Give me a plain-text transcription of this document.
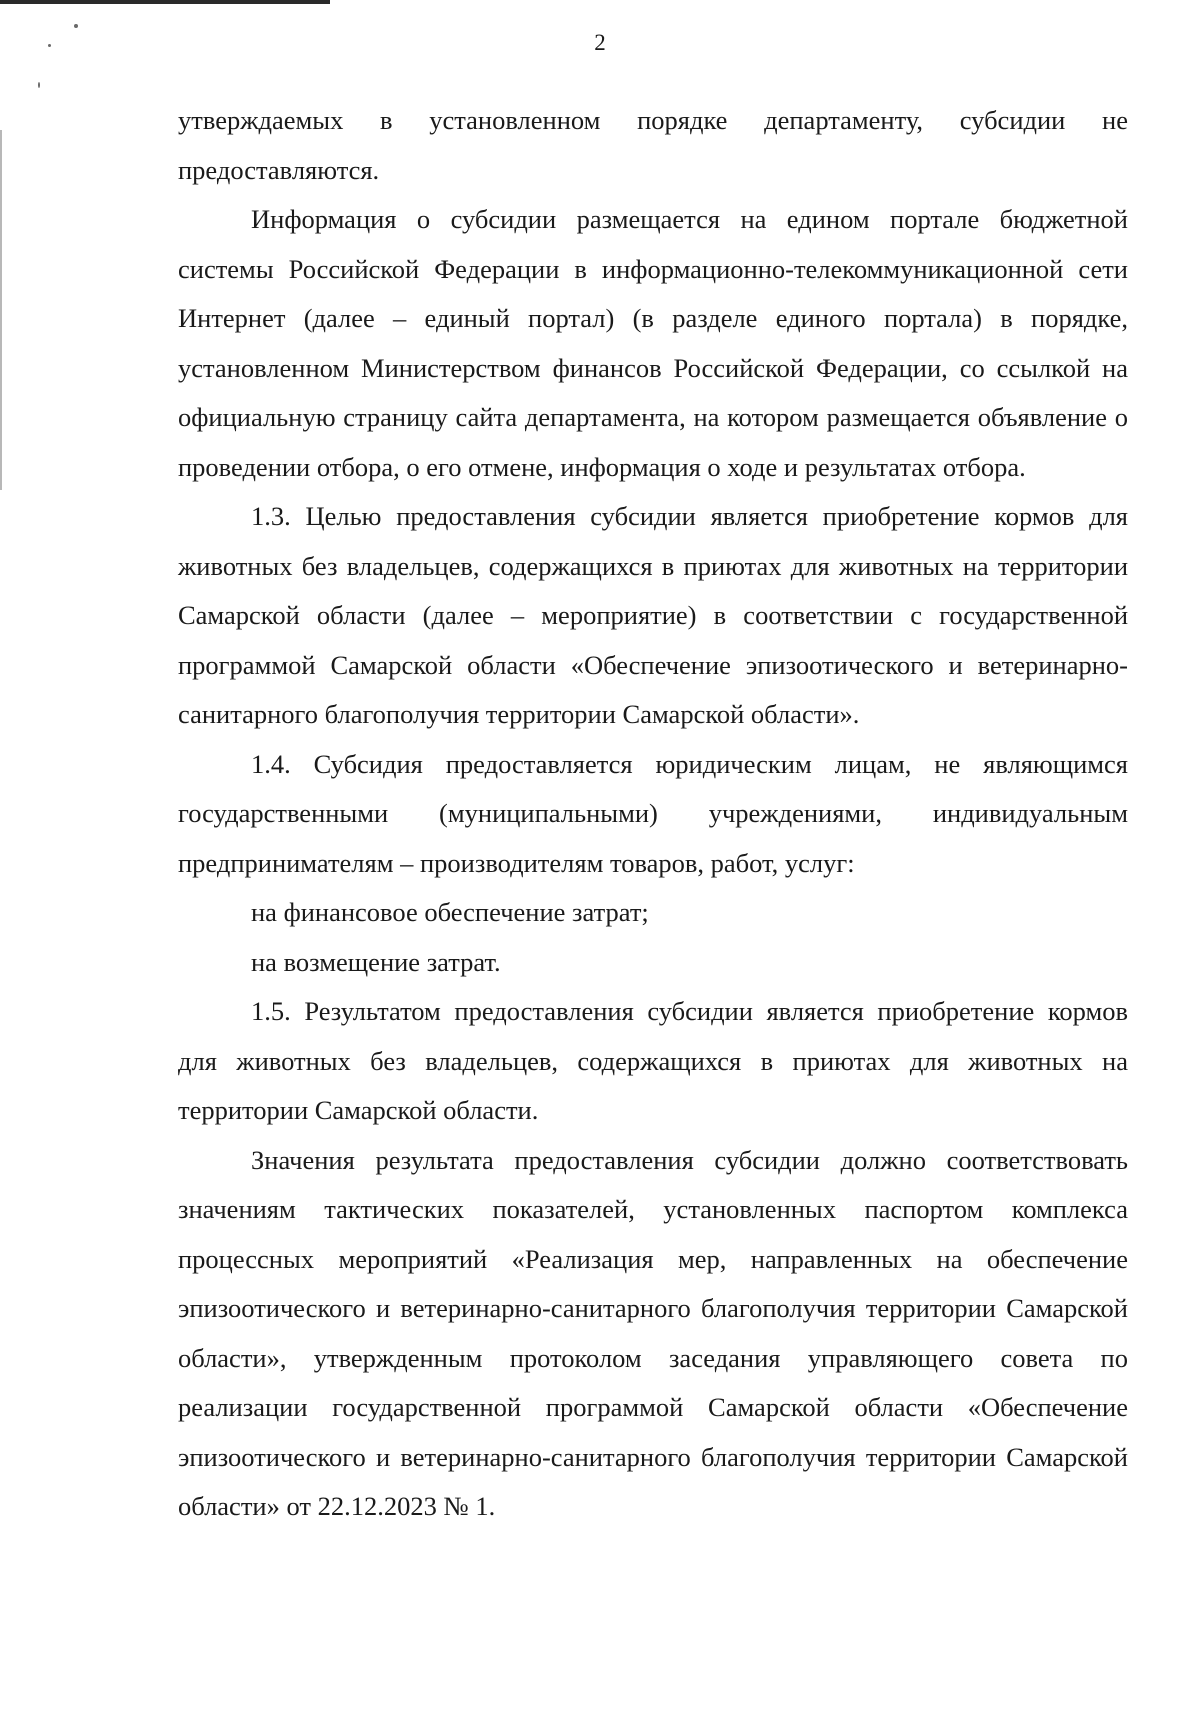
2

утверждаемых в установленном порядке департаменту, субсидии не предоставляются.

Информация о субсидии размещается на едином портале бюджетной системы Российской Федерации в информационно-телекоммуникационной сети Интернет (далее – единый портал) (в разделе единого портала) в порядке, установленном Министерством финансов Российской Федерации, со ссылкой на официальную страницу сайта департамента, на котором размещается объявление о проведении отбора, о его отмене, информация о ходе и результатах отбора.

1.3. Целью предоставления субсидии является приобретение кормов для животных без владельцев, содержащихся в приютах для животных на территории Самарской области (далее – мероприятие) в соответствии с государственной программой Самарской области «Обеспечение эпизоотического и ветеринарно-санитарного благополучия территории Самарской области».

1.4. Субсидия предоставляется юридическим лицам, не являющимся государственными (муниципальными) учреждениями, индивидуальным предпринимателям – производителям товаров, работ, услуг:

на финансовое обеспечение затрат;

на возмещение затрат.

1.5. Результатом предоставления субсидии является приобретение кормов для животных без владельцев, содержащихся в приютах для животных на территории Самарской области.

Значения результата предоставления субсидии должно соответствовать значениям тактических показателей, установленных паспортом комплекса процессных мероприятий «Реализация мер, направленных на обеспечение эпизоотического и ветеринарно-санитарного благополучия территории Самарской области», утвержденным протоколом заседания управляющего совета по реализации государственной программой Самарской области «Обеспечение эпизоотического и ветеринарно-санитарного благополучия территории Самарской области» от 22.12.2023 № 1.
